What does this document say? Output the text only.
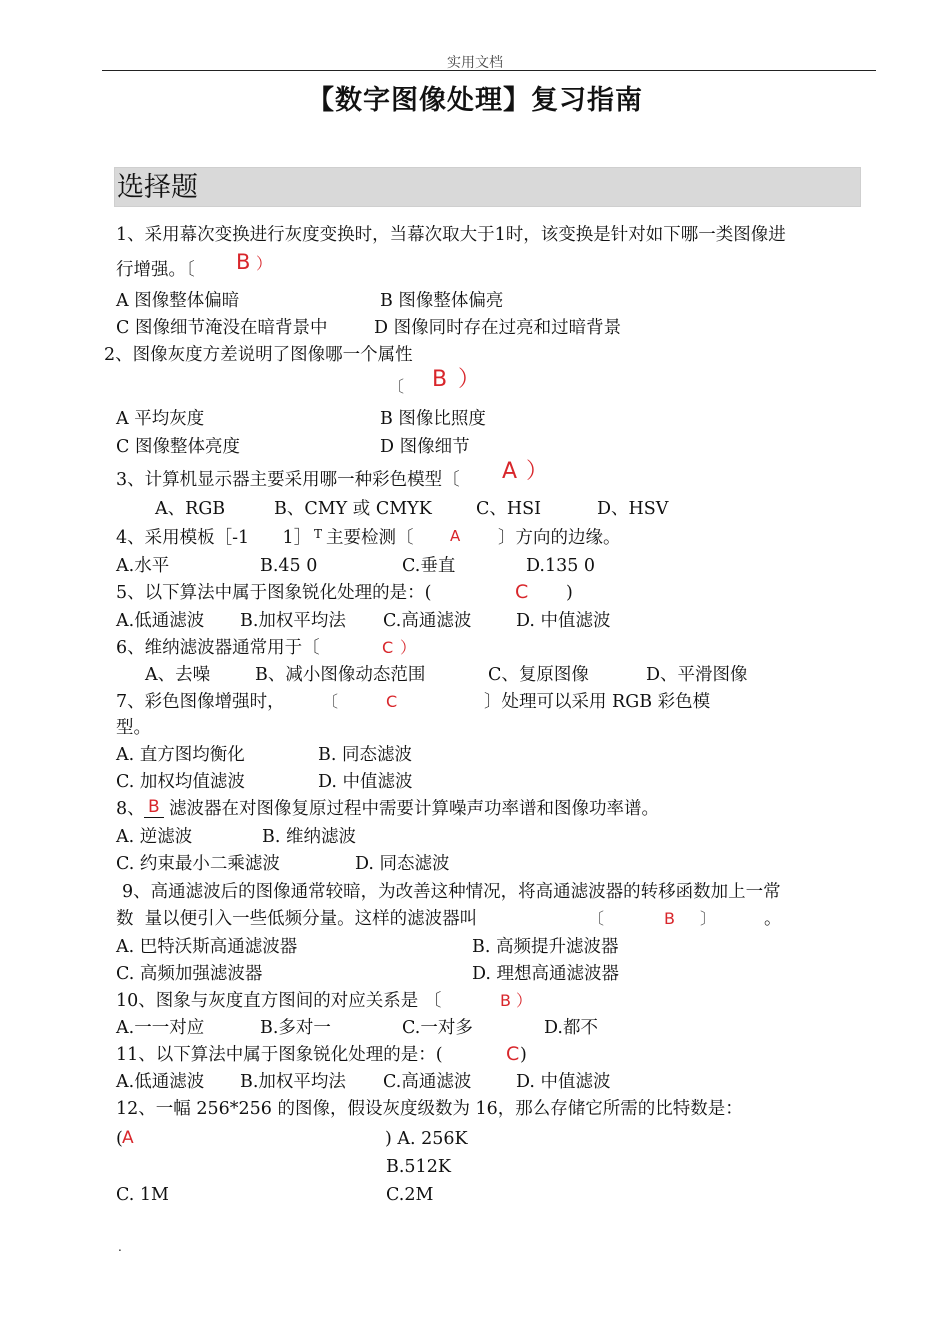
实用文档
【数字图像处理】复习指南
选择题
1、采用幕次变换进行灰度变换时，当幕次取大于1时，该变换是针对如下哪一类图像进
行增强。〔 B ）
A 图像整体偏暗	B 图像整体偏亮
C 图像细节淹没在暗背景中	D 图像同时存在过亮和过暗背景
2、图像灰度方差说明了图像哪一个属性
〔 B ）
A 平均灰度	B 图像比照度
C 图像整体亮度	D 图像细节
3、计算机显示器主要采用哪一种彩色模型〔 A ）
A、RGB	B、CMY 或 CMYK	C、HSI	D、HSV
4、采用模板［-1      1］ T 主要检测〔 A 〕方向的边缘。
A.水平	B.45 0	C.垂直	D.135 0
5、以下算法中属于图象锐化处理的是：(	C )
A.低通滤波 B.加权平均法 C.高通滤波	D. 中值滤波
6、维纳滤波器通常用于〔	C ）
A、去噪	B、减小图像动态范围	C、复原图像	D、平滑图像
7、彩色图像增强时， 〔	C	〕处理可以采用 RGB 彩色模
型。
A. 直方图均衡化	B. 同态滤波
C. 加权均值滤波	D. 中值滤波
8、 B 滤波器在对图像复原过程中需要计算噪声功率谱和图像功率谱。
A. 逆滤波	B. 维纳滤波
C. 约束最小二乘滤波	D. 同态滤波
9、高通滤波后的图像通常较暗，为改善这种情况，将高通滤波器的转移函数加上一常
数  量以便引入一些低频分量。这样的滤波器叫	〔	B 〕	。
A. 巴特沃斯高通滤波器	B. 高频提升滤波器
C. 高频加强滤波器	D. 理想高通滤波器
10、图象与灰度直方图间的对应关系是 〔	B ）
A.一一对应	B.多对一	C.一对多	D.都不
11、以下算法中属于图象锐化处理的是：(	C )
A.低通滤波 B.加权平均法 C.高通滤波	D. 中值滤波
12、一幅 256*256 的图像，假设灰度级数为 16，那么存储它所需的比特数是：
( A	) A. 256K
B.512K
C. 1M	C.2M
.
